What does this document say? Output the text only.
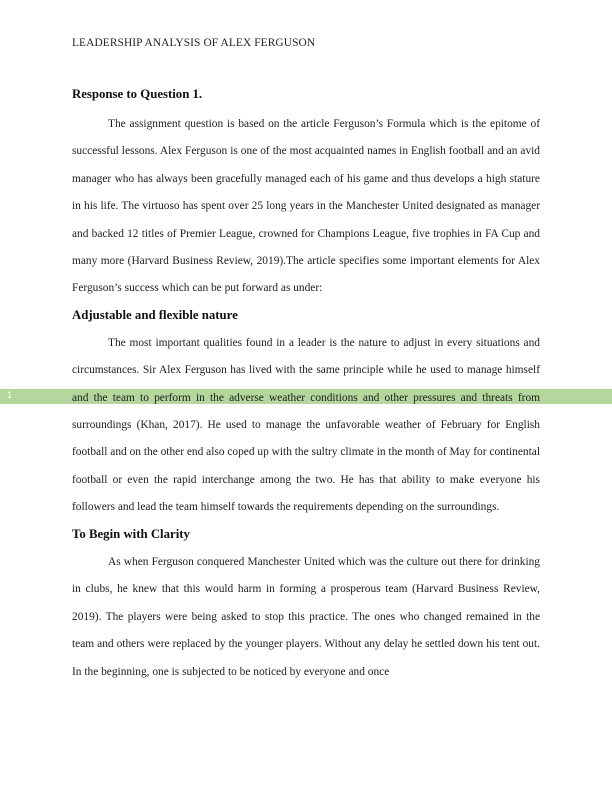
LEADERSHIP ANALYSIS OF ALEX FERGUSON
1
Response to Question 1.

The assignment question is based on the article Ferguson’s Formula which is the epitome of successful lessons. Alex Ferguson is one of the most acquainted names in English football and an avid manager who has always been gracefully managed each of his game and thus develops a high stature in his life. The virtuoso has spent over 25 long years in the Manchester United designated as manager and backed 12 titles of Premier League, crowned for Champions League, five trophies in FA Cup and many more (Harvard Business Review, 2019).The article specifies some important elements for Alex Ferguson’s success which can be put forward as under:

Adjustable and flexible nature

The most important qualities found in a leader is the nature to adjust in every situations and circumstances. Sir Alex Ferguson has lived with the same principle while he used to manage himself and the team to perform in the adverse weather conditions and other pressures and threats from surroundings (Khan, 2017). He used to manage the unfavorable weather of February for English football and on the other end also coped up with the sultry climate in the month of May for continental football or even the rapid interchange among the two. He has that ability to make everyone his followers and lead the team himself towards the requirements depending on the surroundings.

To Begin with Clarity

As when Ferguson conquered Manchester United which was the culture out there for drinking in clubs, he knew that this would harm in forming a prosperous team (Harvard Business Review, 2019). The players were being asked to stop this practice. The ones who changed remained in the team and others were replaced by the younger players. Without any delay he settled down his tent out. In the beginning, one is subjected to be noticed by everyone and once
